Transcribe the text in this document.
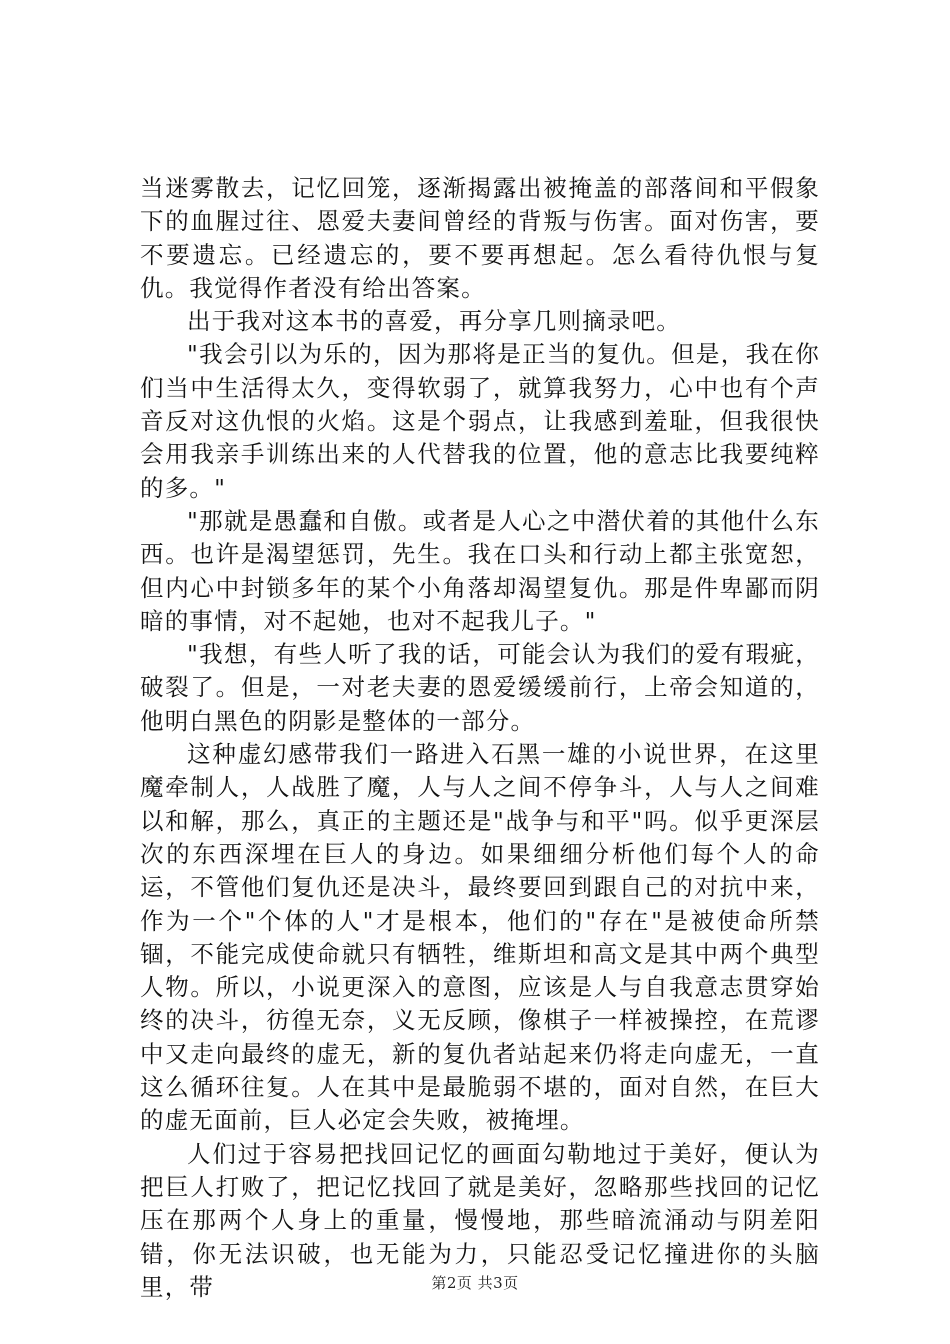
当迷雾散去，记忆回笼，逐渐揭露出被掩盖的部落间和平假象下的血腥过往、恩爱夫妻间曾经的背叛与伤害。面对伤害，要不要遗忘。已经遗忘的，要不要再想起。怎么看待仇恨与复仇。我觉得作者没有给出答案。

出于我对这本书的喜爱，再分享几则摘录吧。

"我会引以为乐的，因为那将是正当的复仇。但是，我在你们当中生活得太久，变得软弱了，就算我努力，心中也有个声音反对这仇恨的火焰。这是个弱点，让我感到羞耻，但我很快会用我亲手训练出来的人代替我的位置，他的意志比我要纯粹的多。"

"那就是愚蠢和自傲。或者是人心之中潜伏着的其他什么东西。也许是渴望惩罚，先生。我在口头和行动上都主张宽恕，但内心中封锁多年的某个小角落却渴望复仇。那是件卑鄙而阴暗的事情，对不起她，也对不起我儿子。"

"我想，有些人听了我的话，可能会认为我们的爱有瑕疵，破裂了。但是，一对老夫妻的恩爱缓缓前行，上帝会知道的，他明白黑色的阴影是整体的一部分。

这种虚幻感带我们一路进入石黑一雄的小说世界，在这里魔牵制人，人战胜了魔，人与人之间不停争斗，人与人之间难以和解，那么，真正的主题还是"战争与和平"吗。似乎更深层次的东西深埋在巨人的身边。如果细细分析他们每个人的命运，不管他们复仇还是决斗，最终要回到跟自己的对抗中来，作为一个"个体的人"才是根本，他们的"存在"是被使命所禁锢，不能完成使命就只有牺牲，维斯坦和高文是其中两个典型人物。所以，小说更深入的意图，应该是人与自我意志贯穿始终的决斗，彷徨无奈，义无反顾，像棋子一样被操控，在荒谬中又走向最终的虚无，新的复仇者站起来仍将走向虚无，一直这么循环往复。人在其中是最脆弱不堪的，面对自然，在巨大的虚无面前，巨人必定会失败，被掩埋。

人们过于容易把找回记忆的画面勾勒地过于美好，便认为把巨人打败了，把记忆找回了就是美好，忽略那些找回的记忆压在那两个人身上的重量，慢慢地，那些暗流涌动与阴差阳错，你无法识破，也无能为力，只能忍受记忆撞进你的头脑里，带	第2页 共3页
